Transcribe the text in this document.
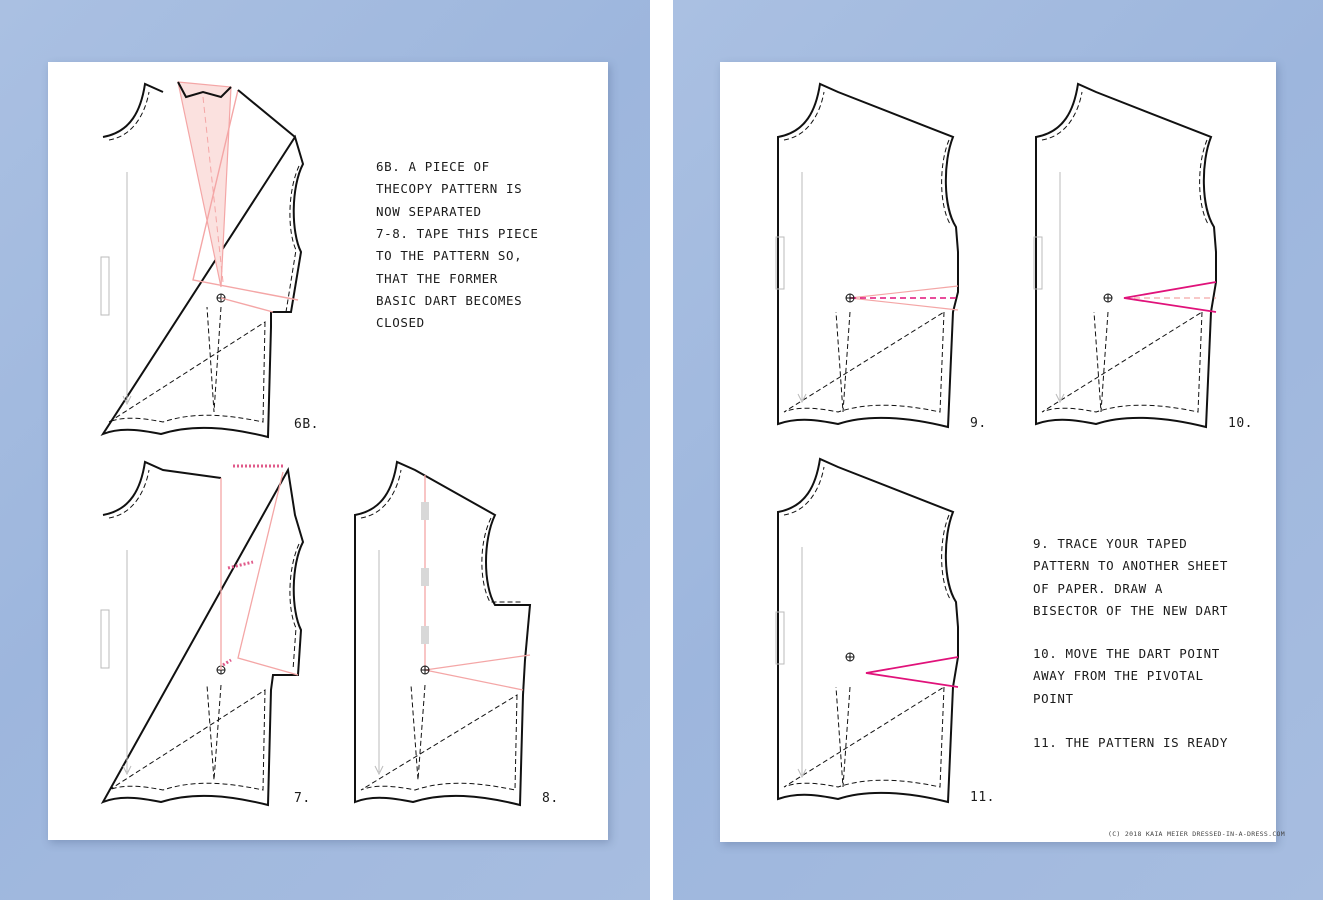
6B. A PIECE OF
THECOPY PATTERN IS
NOW SEPARATED

7-8. TAPE THIS PIECE
TO THE PATTERN SO,
THAT THE FORMER
BASIC DART BECOMES
CLOSED

6B.
7.	8.

9. TRACE YOUR TAPED
PATTERN TO ANOTHER SHEET
OF PAPER. DRAW A
BISECTOR OF THE NEW DART

10. MOVE THE DART POINT
AWAY FROM THE PIVOTAL
POINT

11. THE PATTERN IS READY

9.	10.
11.
(C) 2018 KAIA MEIER DRESSED-IN-A-DRESS.COM
